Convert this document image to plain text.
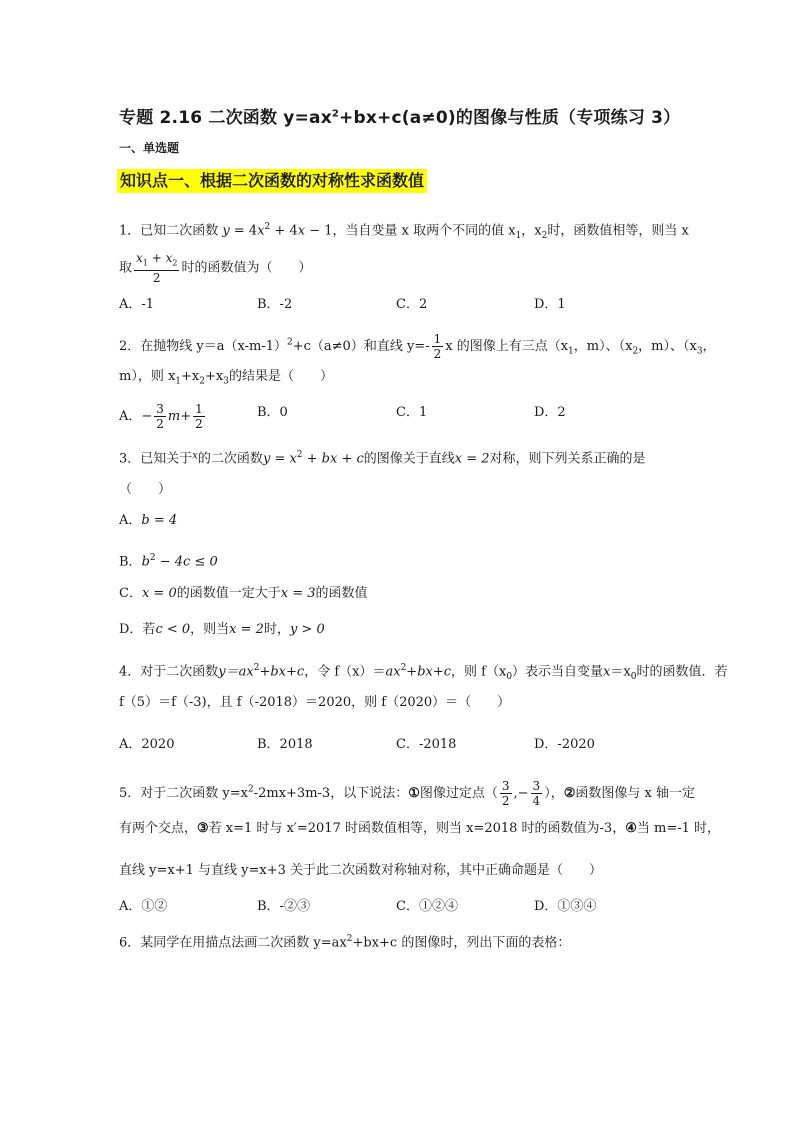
专题 2.16 二次函数 $y=ax^2+bx+c(a\ne 0)$的图像与性质（专项练习 3）
一、单选题
知识点一、根据二次函数的对称性求函数值
1．已知二次函数 $y = 4x^2 + 4x - 1$，当自变量 x 取两个不同的值 $x_1$，$x_2$时，函数值相等，则当 x
取 $\frac{x_1 + x_2}{2}$ 时的函数值为（　　）
A．-1	B．-2	C．2	D．1
2．在抛物线 $y=a(x-m-1)^2+c(a\ne 0)$和直线 $y=- \frac{1}{2}$ x 的图像上有三点（$x_1$，m）、（$x_2$，m）、（$x_3$，
m），则 $x_1+x_2+x_3$的结果是（　　）
A．− $\frac{3}{2} m+ \frac{1}{2}$	B．0	C．1	D．2
3．已知关于$^x$的二次函数$y = x^2$ + bx + c的图像关于直线x = 2对称，则下列关系正确的是
（　　）
A．b = 4
B．$b^2 - 4c \le 0$
C．x = 0的函数值一定大于x = 3的函数值
D．若c < 0，则当x = 2时，y > 0
4．对于二次函数$y=ax^2+bx+c$，令 $f(x)=ax^2+bx+c$，则 $f(x_0)$表示当自变量$x=x_0$时的函数值．若
f（5）＝f（-3)，且 f（-2018）＝2020，则 f（2020）＝（　　）
A．2020	B．2018	C．-2018	D．-2020
5．对于二次函数 $y=x^2-2mx+3m-3$，以下说法：①图像过定点（ $\frac{3}{2}$ ,− $\frac{3}{4}$ ），②函数图像与 x 轴一定
有两个交点，③若 x=1 时与 x′=2017 时函数值相等，则当 x=2018 时的函数值为-3，④当 m=-1 时，
直线 y=x+1 与直线 y=x+3 关于此二次函数对称轴对称，其中正确命题是（　　）
A．①②	B．-②③	C．①②④	D．①③④
6．某同学在用描点法画二次函数 $y=ax^2+bx+c$ 的图像时，列出下面的表格：
